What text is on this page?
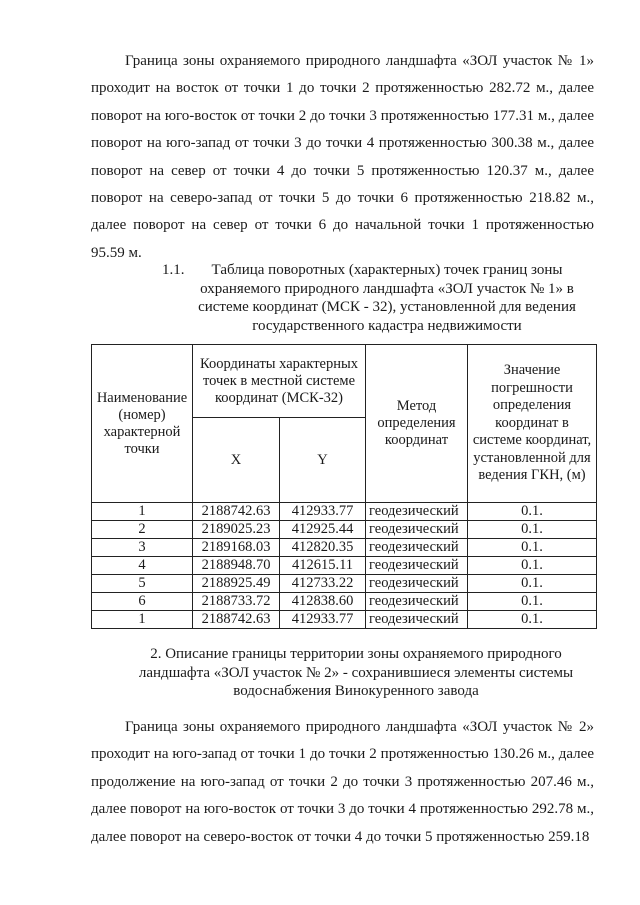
Граница зоны охраняемого природного ландшафта «ЗОЛ участок № 1» проходит на восток от точки 1 до точки 2 протяженностью 282.72 м., далее поворот на юго-восток от точки 2 до точки 3 протяженностью 177.31 м., далее поворот на юго-запад от точки 3 до точки 4 протяженностью 300.38 м., далее поворот на север от точки 4 до точки 5 протяженностью 120.37 м., далее поворот на северо-запад от точки 5 до точки 6 протяженностью 218.82 м., далее поворот на север от точки 6 до начальной точки 1 протяженностью 95.59 м.

1.1.	Таблица поворотных (характерных) точек границ зоны охраняемого природного ландшафта «ЗОЛ участок № 1» в системе координат (МСК - 32), установленной для ведения государственного кадастра недвижимости
Наименование (номер) характерной точки	Координаты характерных точек в местной системе координат (МСК-32)		Метод определения координат	Значение погрешности определения координат в системе координат, установленной для ведения ГКН, (м)
	X	Y		
1	2188742.63	412933.77	геодезический	0.1.
2	2189025.23	412925.44	геодезический	0.1.
3	2189168.03	412820.35	геодезический	0.1.
4	2188948.70	412615.11	геодезический	0.1.
5	2188925.49	412733.22	геодезический	0.1.
6	2188733.72	412838.60	геодезический	0.1.
1	2188742.63	412933.77	геодезический	0.1.

2. Описание границы территории зоны охраняемого природного ландшафта «ЗОЛ участок № 2» - сохранившиеся элементы системы водоснабжения Винокуренного завода

Граница зоны охраняемого природного ландшафта «ЗОЛ участок № 2» проходит на юго-запад от точки 1 до точки 2 протяженностью 130.26 м., далее продолжение на юго-запад от точки 2 до точки 3 протяженностью 207.46 м., далее поворот на юго-восток от точки 3 до точки 4 протяженностью 292.78 м., далее поворот на северо-восток от точки 4 до точки 5 протяженностью 259.18
